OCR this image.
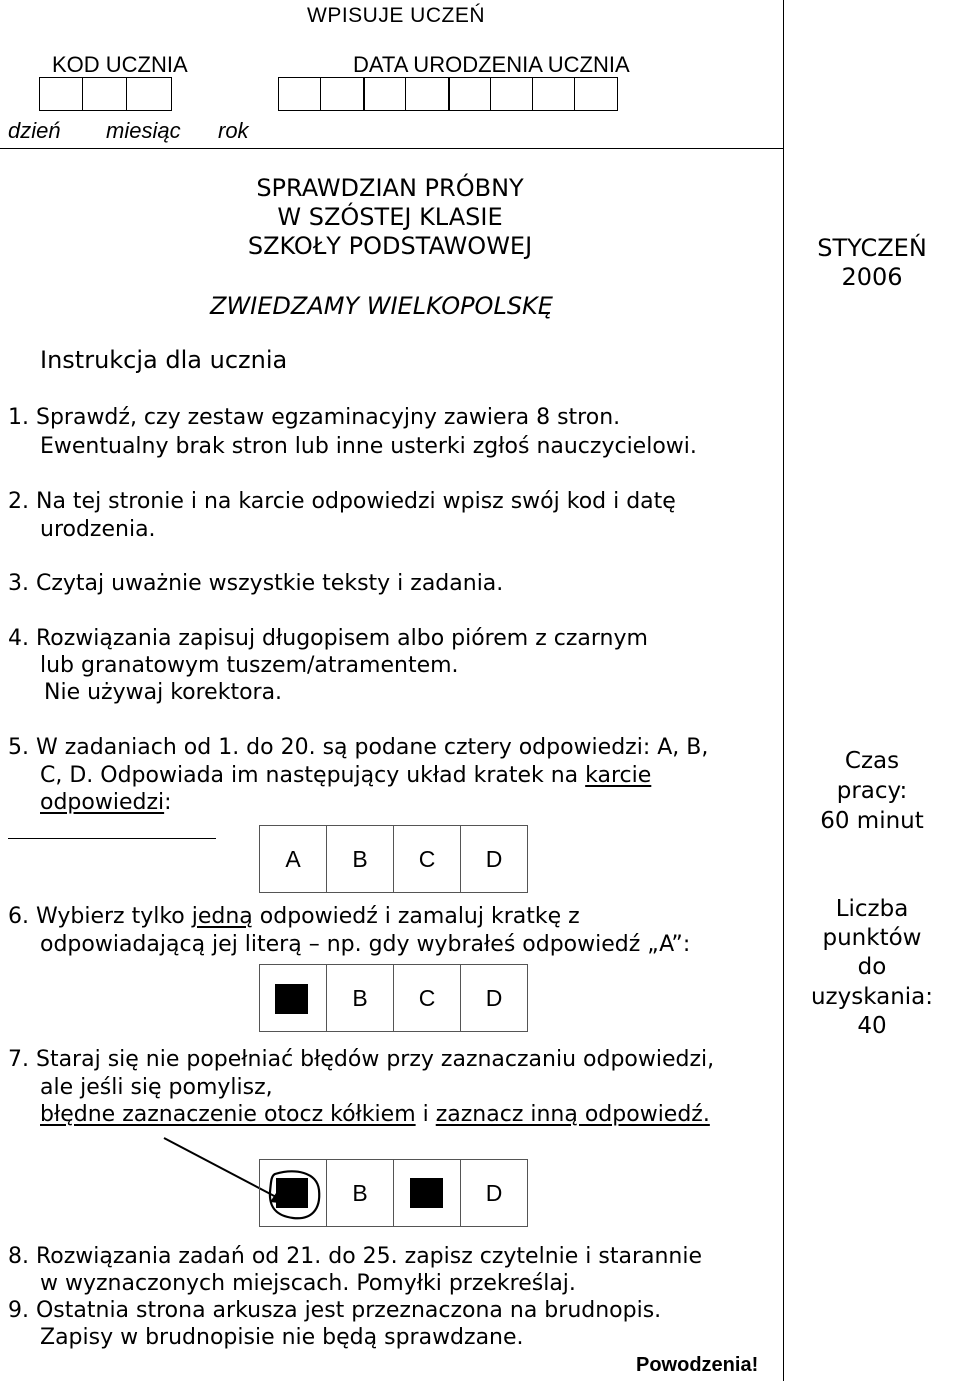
WPISUJE UCZEŃ
KOD UCZNIA	DATA URODZENIA UCZNIA
dzień miesiąc rok
SPRAWDZIAN PRÓBNY
W SZÓSTEJ KLASIE
SZKOŁY PODSTAWOWEJ
ZWIEDZAMY WIELKOPOLSKĘ
STYCZEŃ
2006
Czas
pracy:
60 minut
Liczba
punktów
do
uzyskania:
40
Instrukcja dla ucznia
1. Sprawdź, czy zestaw egzaminacyjny zawiera 8 stron.
Ewentualny brak stron lub inne usterki zgłoś nauczycielowi.
2. Na tej stronie i na karcie odpowiedzi wpisz swój kod i datę
urodzenia.
3. Czytaj uważnie wszystkie teksty i zadania.
4. Rozwiązania zapisuj długopisem albo piórem z czarnym
lub granatowym tuszem/atramentem.
Nie używaj korektora.
5. W zadaniach od 1. do 20. są podane cztery odpowiedzi: A, B,
C, D. Odpowiada im następujący układ kratek na karcie
odpowiedzi:
A	B	C	D
6. Wybierz tylko jedną odpowiedź i zamaluj kratkę z
odpowiadającą jej literą – np. gdy wybrałeś odpowiedź „A”:
B	C	D
7. Staraj się nie popełniać błędów przy zaznaczaniu odpowiedzi,
ale jeśli się pomylisz,
błędne zaznaczenie otocz kółkiem i zaznacz inną odpowiedź.
B	D
8. Rozwiązania zadań od 21. do 25. zapisz czytelnie i starannie
w wyznaczonych miejscach. Pomyłki przekreślaj.
9. Ostatnia strona arkusza jest przeznaczona na brudnopis.
Zapisy w brudnopisie nie będą sprawdzane.
Powodzenia!
